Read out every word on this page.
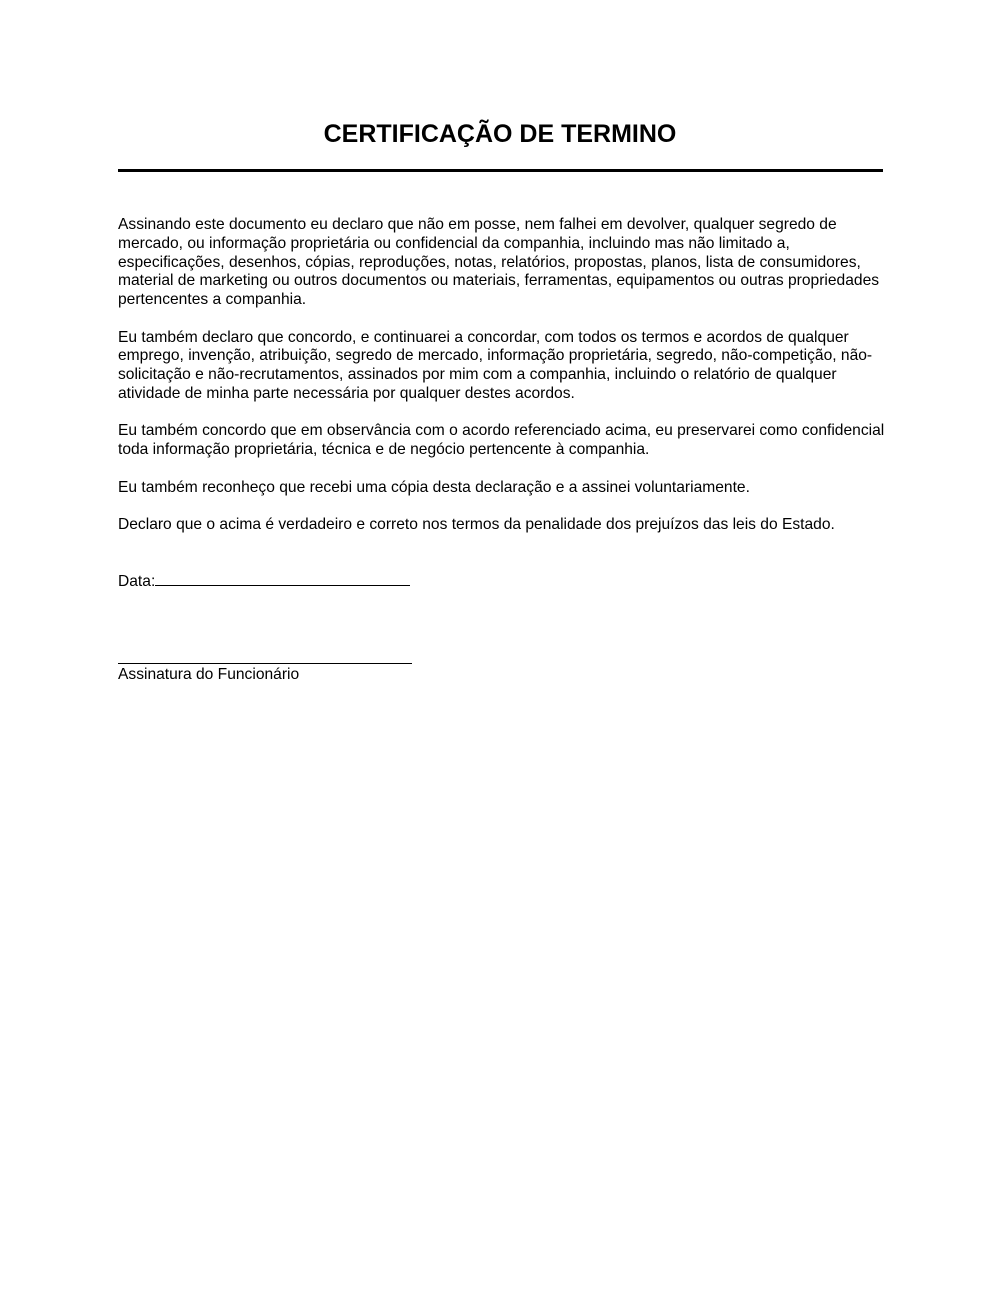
CERTIFICAÇÃO DE TERMINO

Assinando este documento eu declaro que não em posse, nem falhei em devolver, qualquer segredo de mercado, ou informação proprietária ou confidencial da companhia, incluindo mas não limitado a, especificações, desenhos, cópias, reproduções, notas, relatórios, propostas, planos, lista de consumidores, material de marketing ou outros documentos ou materiais, ferramentas, equipamentos ou outras propriedades pertencentes a companhia.

Eu também declaro que concordo, e continuarei a concordar, com todos os termos e acordos de qualquer emprego, invenção, atribuição, segredo de mercado, informação proprietária, segredo, não-competição, não-solicitação e não-recrutamentos, assinados por mim com a companhia, incluindo o relatório de qualquer atividade de minha parte necessária por qualquer destes acordos.

Eu também concordo que em observância com o acordo referenciado acima, eu preservarei como confidencial toda informação proprietária, técnica e de negócio pertencente à companhia.

Eu também reconheço que recebi uma cópia desta declaração e a assinei voluntariamente.

Declaro que o acima é verdadeiro e correto nos termos da penalidade dos prejuízos das leis do Estado.

Data:
Assinatura do Funcionário
